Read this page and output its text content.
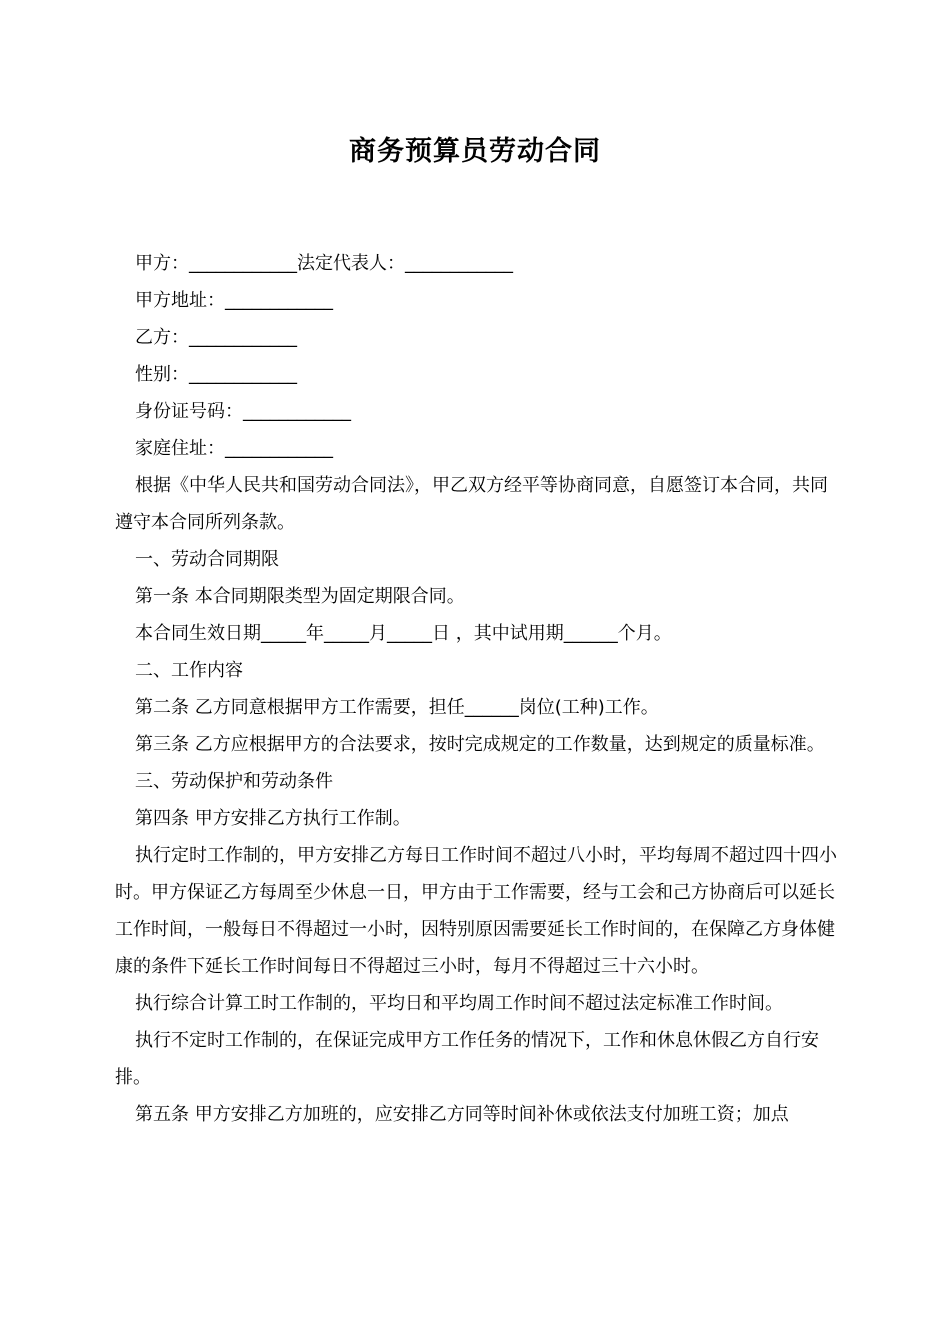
商务预算员劳动合同

甲方：____________法定代表人：____________

甲方地址：____________

乙方：____________

性别：____________

身份证号码：____________

家庭住址：____________

根据《中华人民共和国劳动合同法》，甲乙双方经平等协商同意，自愿签订本合同，共同遵守本合同所列条款。

一、劳动合同期限

第一条 本合同期限类型为固定期限合同。

本合同生效日期_____年_____月_____日 ，其中试用期______个月。

二、工作内容

第二条 乙方同意根据甲方工作需要，担任______岗位(工种)工作。

第三条 乙方应根据甲方的合法要求，按时完成规定的工作数量，达到规定的质量标准。

三、劳动保护和劳动条件

第四条 甲方安排乙方执行工作制。

执行定时工作制的，甲方安排乙方每日工作时间不超过八小时，平均每周不超过四十四小时。甲方保证乙方每周至少休息一日，甲方由于工作需要，经与工会和己方协商后可以延长工作时间，一般每日不得超过一小时，因特别原因需要延长工作时间的，在保障乙方身体健康的条件下延长工作时间每日不得超过三小时，每月不得超过三十六小时。

执行综合计算工时工作制的，平均日和平均周工作时间不超过法定标准工作时间。

执行不定时工作制的，在保证完成甲方工作任务的情况下，工作和休息休假乙方自行安排。

第五条 甲方安排乙方加班的，应安排乙方同等时间补休或依法支付加班工资；加点
